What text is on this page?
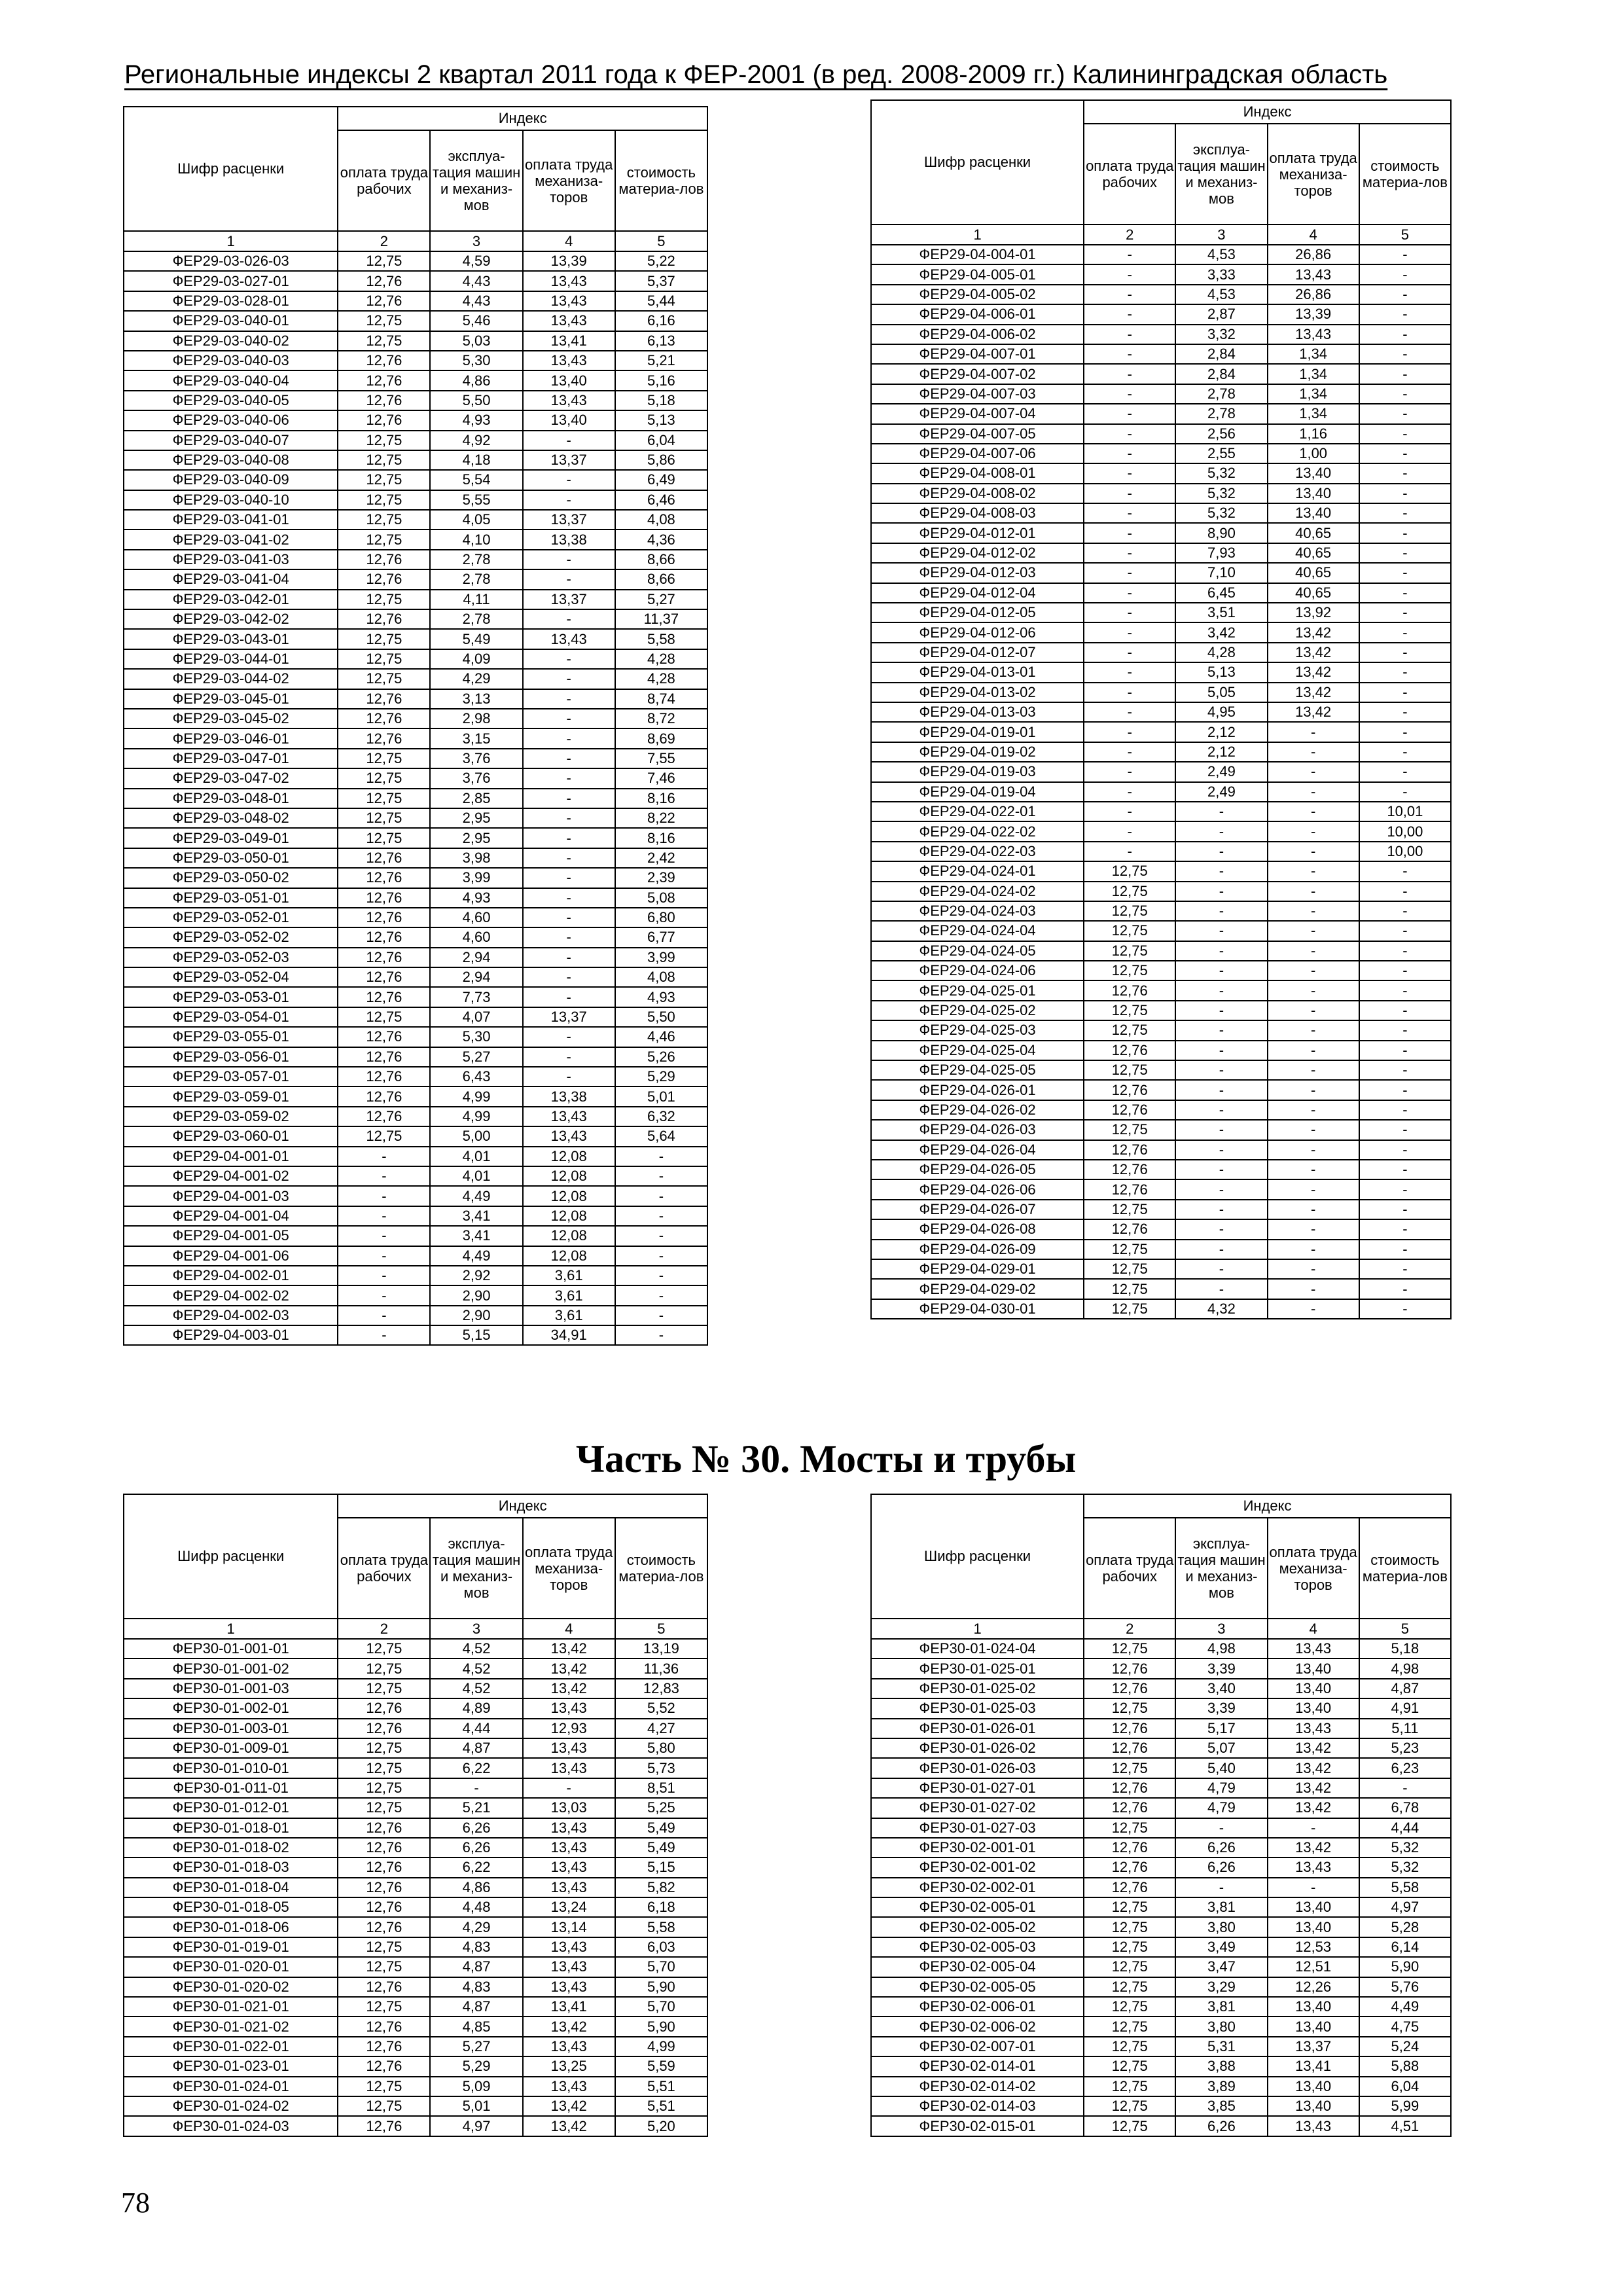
Региональные индексы 2 квартал 2011 года к ФЕР-2001 (в ред. 2008-2009 гг.) Калининградская область
Шифр расценки	Индекс			
	оплата труда рабочих	эксплуа-тация машин и механиз-мов	оплата труда механиза-торов	стоимость материа-лов
1	2	3	4	5
ФЕР29-03-026-03	12,75	4,59	13,39	5,22
ФЕР29-03-027-01	12,76	4,43	13,43	5,37
ФЕР29-03-028-01	12,76	4,43	13,43	5,44
ФЕР29-03-040-01	12,75	5,46	13,43	6,16
ФЕР29-03-040-02	12,75	5,03	13,41	6,13
ФЕР29-03-040-03	12,76	5,30	13,43	5,21
ФЕР29-03-040-04	12,76	4,86	13,40	5,16
ФЕР29-03-040-05	12,76	5,50	13,43	5,18
ФЕР29-03-040-06	12,76	4,93	13,40	5,13
ФЕР29-03-040-07	12,75	4,92	-	6,04
ФЕР29-03-040-08	12,75	4,18	13,37	5,86
ФЕР29-03-040-09	12,75	5,54	-	6,49
ФЕР29-03-040-10	12,75	5,55	-	6,46
ФЕР29-03-041-01	12,75	4,05	13,37	4,08
ФЕР29-03-041-02	12,75	4,10	13,38	4,36
ФЕР29-03-041-03	12,76	2,78	-	8,66
ФЕР29-03-041-04	12,76	2,78	-	8,66
ФЕР29-03-042-01	12,75	4,11	13,37	5,27
ФЕР29-03-042-02	12,76	2,78	-	11,37
ФЕР29-03-043-01	12,75	5,49	13,43	5,58
ФЕР29-03-044-01	12,75	4,09	-	4,28
ФЕР29-03-044-02	12,75	4,29	-	4,28
ФЕР29-03-045-01	12,76	3,13	-	8,74
ФЕР29-03-045-02	12,76	2,98	-	8,72
ФЕР29-03-046-01	12,76	3,15	-	8,69
ФЕР29-03-047-01	12,75	3,76	-	7,55
ФЕР29-03-047-02	12,75	3,76	-	7,46
ФЕР29-03-048-01	12,75	2,85	-	8,16
ФЕР29-03-048-02	12,75	2,95	-	8,22
ФЕР29-03-049-01	12,75	2,95	-	8,16
ФЕР29-03-050-01	12,76	3,98	-	2,42
ФЕР29-03-050-02	12,76	3,99	-	2,39
ФЕР29-03-051-01	12,76	4,93	-	5,08
ФЕР29-03-052-01	12,76	4,60	-	6,80
ФЕР29-03-052-02	12,76	4,60	-	6,77
ФЕР29-03-052-03	12,76	2,94	-	3,99
ФЕР29-03-052-04	12,76	2,94	-	4,08
ФЕР29-03-053-01	12,76	7,73	-	4,93
ФЕР29-03-054-01	12,75	4,07	13,37	5,50
ФЕР29-03-055-01	12,76	5,30	-	4,46
ФЕР29-03-056-01	12,76	5,27	-	5,26
ФЕР29-03-057-01	12,76	6,43	-	5,29
ФЕР29-03-059-01	12,76	4,99	13,38	5,01
ФЕР29-03-059-02	12,76	4,99	13,43	6,32
ФЕР29-03-060-01	12,75	5,00	13,43	5,64
ФЕР29-04-001-01	-	4,01	12,08	-
ФЕР29-04-001-02	-	4,01	12,08	-
ФЕР29-04-001-03	-	4,49	12,08	-
ФЕР29-04-001-04	-	3,41	12,08	-
ФЕР29-04-001-05	-	3,41	12,08	-
ФЕР29-04-001-06	-	4,49	12,08	-
ФЕР29-04-002-01	-	2,92	3,61	-
ФЕР29-04-002-02	-	2,90	3,61	-
ФЕР29-04-002-03	-	2,90	3,61	-
ФЕР29-04-003-01	-	5,15	34,91	-
Шифр расценки	Индекс			
	оплата труда рабочих	эксплуа-тация машин и механиз-мов	оплата труда механиза-торов	стоимость материа-лов
1	2	3	4	5
ФЕР29-04-004-01	-	4,53	26,86	-
ФЕР29-04-005-01	-	3,33	13,43	-
ФЕР29-04-005-02	-	4,53	26,86	-
ФЕР29-04-006-01	-	2,87	13,39	-
ФЕР29-04-006-02	-	3,32	13,43	-
ФЕР29-04-007-01	-	2,84	1,34	-
ФЕР29-04-007-02	-	2,84	1,34	-
ФЕР29-04-007-03	-	2,78	1,34	-
ФЕР29-04-007-04	-	2,78	1,34	-
ФЕР29-04-007-05	-	2,56	1,16	-
ФЕР29-04-007-06	-	2,55	1,00	-
ФЕР29-04-008-01	-	5,32	13,40	-
ФЕР29-04-008-02	-	5,32	13,40	-
ФЕР29-04-008-03	-	5,32	13,40	-
ФЕР29-04-012-01	-	8,90	40,65	-
ФЕР29-04-012-02	-	7,93	40,65	-
ФЕР29-04-012-03	-	7,10	40,65	-
ФЕР29-04-012-04	-	6,45	40,65	-
ФЕР29-04-012-05	-	3,51	13,92	-
ФЕР29-04-012-06	-	3,42	13,42	-
ФЕР29-04-012-07	-	4,28	13,42	-
ФЕР29-04-013-01	-	5,13	13,42	-
ФЕР29-04-013-02	-	5,05	13,42	-
ФЕР29-04-013-03	-	4,95	13,42	-
ФЕР29-04-019-01	-	2,12	-	-
ФЕР29-04-019-02	-	2,12	-	-
ФЕР29-04-019-03	-	2,49	-	-
ФЕР29-04-019-04	-	2,49	-	-
ФЕР29-04-022-01	-	-	-	10,01
ФЕР29-04-022-02	-	-	-	10,00
ФЕР29-04-022-03	-	-	-	10,00
ФЕР29-04-024-01	12,75	-	-	-
ФЕР29-04-024-02	12,75	-	-	-
ФЕР29-04-024-03	12,75	-	-	-
ФЕР29-04-024-04	12,75	-	-	-
ФЕР29-04-024-05	12,75	-	-	-
ФЕР29-04-024-06	12,75	-	-	-
ФЕР29-04-025-01	12,76	-	-	-
ФЕР29-04-025-02	12,75	-	-	-
ФЕР29-04-025-03	12,75	-	-	-
ФЕР29-04-025-04	12,76	-	-	-
ФЕР29-04-025-05	12,75	-	-	-
ФЕР29-04-026-01	12,76	-	-	-
ФЕР29-04-026-02	12,76	-	-	-
ФЕР29-04-026-03	12,75	-	-	-
ФЕР29-04-026-04	12,76	-	-	-
ФЕР29-04-026-05	12,76	-	-	-
ФЕР29-04-026-06	12,76	-	-	-
ФЕР29-04-026-07	12,75	-	-	-
ФЕР29-04-026-08	12,76	-	-	-
ФЕР29-04-026-09	12,75	-	-	-
ФЕР29-04-029-01	12,75	-	-	-
ФЕР29-04-029-02	12,75	-	-	-
ФЕР29-04-030-01	12,75	4,32	-	-
Часть № 30. Мосты и трубы
Шифр расценки	Индекс			
	оплата труда рабочих	эксплуа-тация машин и механиз-мов	оплата труда механиза-торов	стоимость материа-лов
1	2	3	4	5
ФЕР30-01-001-01	12,75	4,52	13,42	13,19
ФЕР30-01-001-02	12,75	4,52	13,42	11,36
ФЕР30-01-001-03	12,75	4,52	13,42	12,83
ФЕР30-01-002-01	12,76	4,89	13,43	5,52
ФЕР30-01-003-01	12,76	4,44	12,93	4,27
ФЕР30-01-009-01	12,75	4,87	13,43	5,80
ФЕР30-01-010-01	12,75	6,22	13,43	5,73
ФЕР30-01-011-01	12,75	-	-	8,51
ФЕР30-01-012-01	12,75	5,21	13,03	5,25
ФЕР30-01-018-01	12,76	6,26	13,43	5,49
ФЕР30-01-018-02	12,76	6,26	13,43	5,49
ФЕР30-01-018-03	12,76	6,22	13,43	5,15
ФЕР30-01-018-04	12,76	4,86	13,43	5,82
ФЕР30-01-018-05	12,76	4,48	13,24	6,18
ФЕР30-01-018-06	12,76	4,29	13,14	5,58
ФЕР30-01-019-01	12,75	4,83	13,43	6,03
ФЕР30-01-020-01	12,75	4,87	13,43	5,70
ФЕР30-01-020-02	12,76	4,83	13,43	5,90
ФЕР30-01-021-01	12,75	4,87	13,41	5,70
ФЕР30-01-021-02	12,76	4,85	13,42	5,90
ФЕР30-01-022-01	12,76	5,27	13,43	4,99
ФЕР30-01-023-01	12,76	5,29	13,25	5,59
ФЕР30-01-024-01	12,75	5,09	13,43	5,51
ФЕР30-01-024-02	12,75	5,01	13,42	5,51
ФЕР30-01-024-03	12,76	4,97	13,42	5,20
Шифр расценки	Индекс			
	оплата труда рабочих	эксплуа-тация машин и механиз-мов	оплата труда механиза-торов	стоимость материа-лов
1	2	3	4	5
ФЕР30-01-024-04	12,75	4,98	13,43	5,18
ФЕР30-01-025-01	12,76	3,39	13,40	4,98
ФЕР30-01-025-02	12,76	3,40	13,40	4,87
ФЕР30-01-025-03	12,75	3,39	13,40	4,91
ФЕР30-01-026-01	12,76	5,17	13,43	5,11
ФЕР30-01-026-02	12,76	5,07	13,42	5,23
ФЕР30-01-026-03	12,75	5,40	13,42	6,23
ФЕР30-01-027-01	12,76	4,79	13,42	-
ФЕР30-01-027-02	12,76	4,79	13,42	6,78
ФЕР30-01-027-03	12,75	-	-	4,44
ФЕР30-02-001-01	12,76	6,26	13,42	5,32
ФЕР30-02-001-02	12,76	6,26	13,43	5,32
ФЕР30-02-002-01	12,76	-	-	5,58
ФЕР30-02-005-01	12,75	3,81	13,40	4,97
ФЕР30-02-005-02	12,75	3,80	13,40	5,28
ФЕР30-02-005-03	12,75	3,49	12,53	6,14
ФЕР30-02-005-04	12,75	3,47	12,51	5,90
ФЕР30-02-005-05	12,75	3,29	12,26	5,76
ФЕР30-02-006-01	12,75	3,81	13,40	4,49
ФЕР30-02-006-02	12,75	3,80	13,40	4,75
ФЕР30-02-007-01	12,75	5,31	13,37	5,24
ФЕР30-02-014-01	12,75	3,88	13,41	5,88
ФЕР30-02-014-02	12,75	3,89	13,40	6,04
ФЕР30-02-014-03	12,75	3,85	13,40	5,99
ФЕР30-02-015-01	12,75	6,26	13,43	4,51
78
